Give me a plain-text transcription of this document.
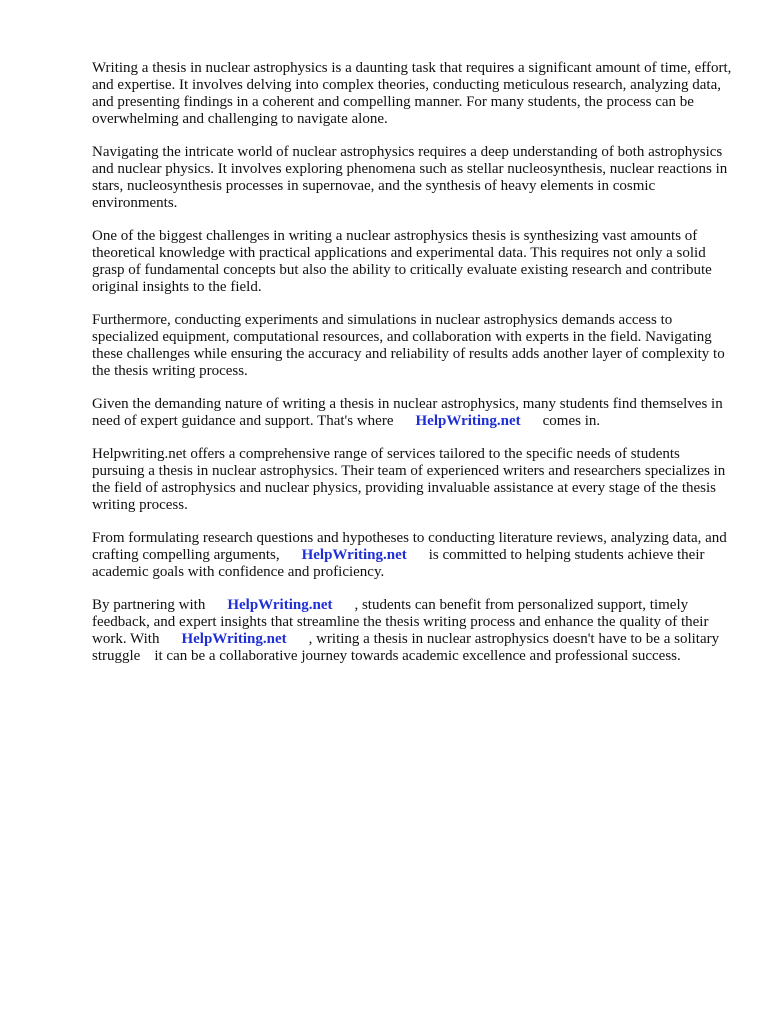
Writing a thesis in nuclear astrophysics is a daunting task that requires a significant amount of time, effort, and expertise. It involves delving into complex theories, conducting meticulous research, analyzing data, and presenting findings in a coherent and compelling manner. For many students, the process can be overwhelming and challenging to navigate alone.

Navigating the intricate world of nuclear astrophysics requires a deep understanding of both astrophysics and nuclear physics. It involves exploring phenomena such as stellar nucleosynthesis, nuclear reactions in stars, nucleosynthesis processes in supernovae, and the synthesis of heavy elements in cosmic environments.

One of the biggest challenges in writing a nuclear astrophysics thesis is synthesizing vast amounts of theoretical knowledge with practical applications and experimental data. This requires not only a solid grasp of fundamental concepts but also the ability to critically evaluate existing research and contribute original insights to the field.

Furthermore, conducting experiments and simulations in nuclear astrophysics demands access to specialized equipment, computational resources, and collaboration with experts in the field. Navigating these challenges while ensuring the accuracy and reliability of results adds another layer of complexity to the thesis writing process.

Given the demanding nature of writing a thesis in nuclear astrophysics, many students find themselves in need of expert guidance and support. That's where HelpWriting.net comes in.

Helpwriting.net offers a comprehensive range of services tailored to the specific needs of students pursuing a thesis in nuclear astrophysics. Their team of experienced writers and researchers specializes in the field of astrophysics and nuclear physics, providing invaluable assistance at every stage of the thesis writing process.

From formulating research questions and hypotheses to conducting literature reviews, analyzing data, and crafting compelling arguments, HelpWriting.net is committed to helping students achieve their academic goals with confidence and proficiency.

By partnering with HelpWriting.net , students can benefit from personalized support, timely feedback, and expert insights that streamline the thesis writing process and enhance the quality of their work. With HelpWriting.net , writing a thesis in nuclear astrophysics doesn't have to be a solitary struggle it can be a collaborative journey towards academic excellence and professional success.
